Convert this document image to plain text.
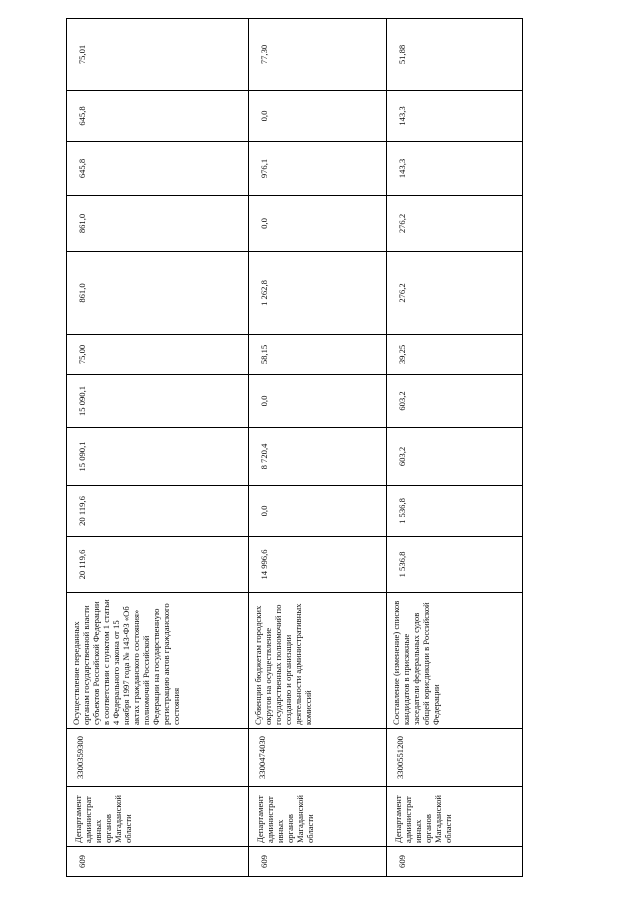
609	Департамент администрат ивных органов Магаданской области	3300359300	Осуществление переданных органам государственной власти субъектов Российской Федерации в соответствии с пунктом 1 статьи 4 Федерального закона от 15 ноября 1997 года № 143-ФЗ «Об актах гражданского состояния» полномочий Российской Федерации на государственную регистрацию актов гражданского состояния	20 119,6	20 119,6	15 090,1	15 090,1	75,00	861,0	861,0	645,8	645,8	75,01
609	Департамент администрат ивных органов Магаданской области	3300474030	Субвенции бюджетам городских округов на осуществление государственных полномочий по созданию и организации деятельности административных комиссий	14 996,6	0,0	8 720,4	0,0	58,15	1 262,8	0,0	976,1	0,0	77,30
609	Департамент администрат ивных органов Магаданской области	3300551200	Составление (изменение) списков кандидатов в присяжные заседатели федеральных судов общей юрисдикции в Российской Федерации	1 536,8	1 536,8	603,2	603,2	39,25	276,2	276,2	143,3	143,3	51,88
